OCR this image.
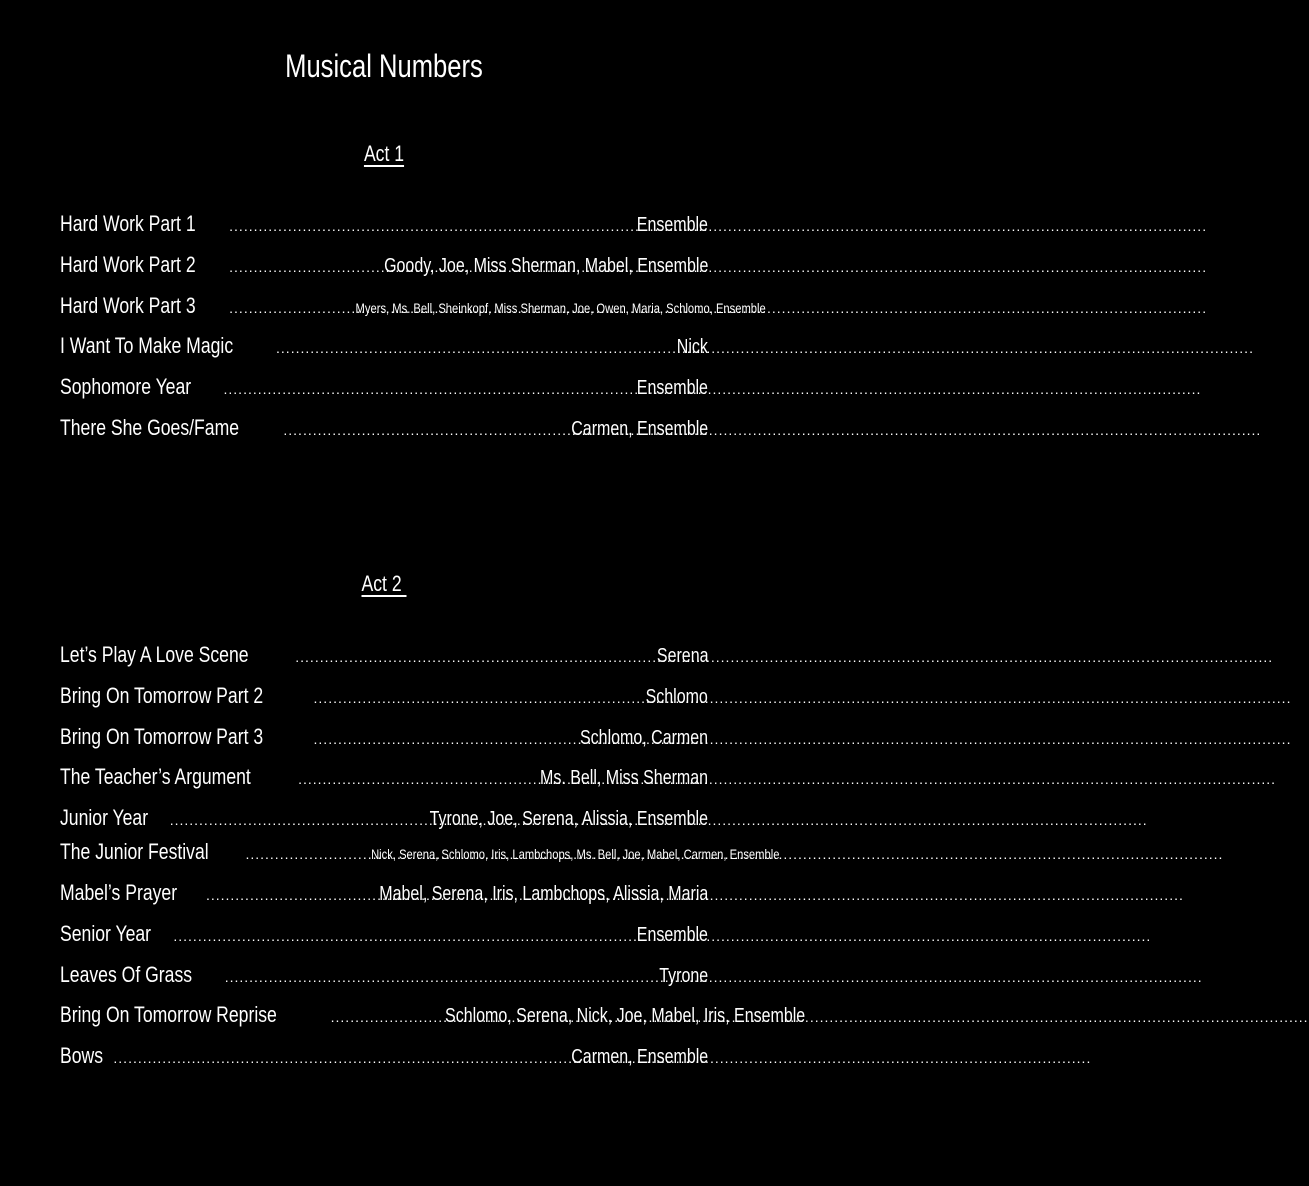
Musical Numbers
Act 1
Hard Work Part 1 .....	Ensemble
Hard Work Part 2 .....	Goody, Joe, Miss Sherman, Mabel, Ensemble
Hard Work Part 3 .....	Myers, Ms. Bell, Sheinkopf, Miss Sherman, Joe, Owen, Maria, Schlomo, Ensemble
I Want To Make Magic .....	Nick
Sophomore Year .....	Ensemble
There She Goes/Fame .....	Carmen, Ensemble
Act 2
Let’s Play A Love Scene .....	Serena
Bring On Tomorrow Part 2 .....	Schlomo
Bring On Tomorrow Part 3 .....	Schlomo, Carmen
The Teacher’s Argument .....	Ms. Bell, Miss Sherman
Junior Year .....	Tyrone, Joe, Serena, Alissia, Ensemble
The Junior Festival .....	Nick, Serena, Schlomo, Iris, Lambchops, Ms. Bell, Joe, Mabel, Carmen, Ensemble
Mabel’s Prayer .....	Mabel, Serena, Iris, Lambchops, Alissia, Maria
Senior Year .....	Ensemble
Leaves Of Grass .....	Tyrone
Bring On Tomorrow Reprise .....	Schlomo, Serena, Nick, Joe, Mabel, Iris, Ensemble
Bows .....	Carmen, Ensemble
